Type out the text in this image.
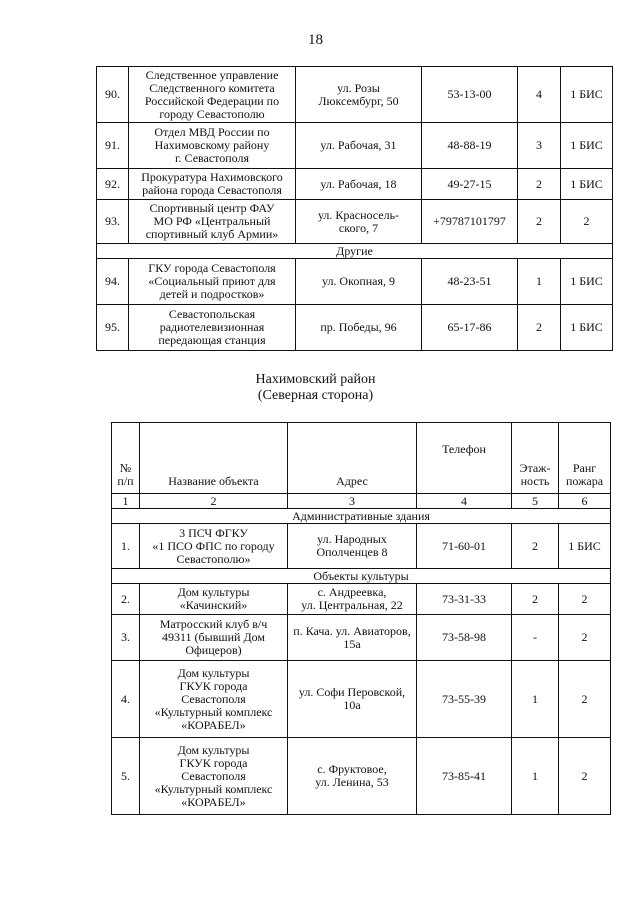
18
90.	Следственное управление
Следственного комитета
Российской Федерации по
городу Севастополю	ул. Розы
Люксембург, 50	53-13-00	4	1 БИС
91.	Отдел МВД России по
Нахимовскому району
г. Севастополя	ул. Рабочая, 31	48-88-19	3	1 БИС
92.	Прокуратура Нахимовского
района города Севастополя	ул. Рабочая, 18	49-27-15	2	1 БИС
93.	Спортивный центр ФАУ
МО РФ «Центральный
спортивный клуб Армии»	ул. Красносель-
ского, 7	+79787101797	2	2
Другие					
94.	ГКУ города Севастополя
«Социальный приют для
детей и подростков»	ул. Окопная, 9	48-23-51	1	1 БИС
95.	Севастопольская
радиотелевизионная
передающая станция	пр. Победы, 96	65-17-86	2	1 БИС
Нахимовский район
(Северная сторона)
№
п/п	Название объекта	Адрес	Телефон	Этаж-
ность	Ранг
пожара

1	2	3	4	5	6
Административные здания					
1.	3 ПСЧ ФГКУ
«1 ПСО ФПС по городу
Севастополю»	ул. Народных
Ополченцев 8	71-60-01	2	1 БИС
Объекты культуры					
2.	Дом культуры
«Качинский»	с. Андреевка,
ул. Центральная, 22	73-31-33	2	2
3.	Матросский клуб в/ч
49311 (бывший Дом
Офицеров)	п. Кача. ул. Авиаторов,
15а	73-58-98	-	2
4.	Дом культуры
ГКУК города
Севастополя
«Культурный комплекс
«КОРАБЕЛ»	ул. Софи Перовской,
10а	73-55-39	1	2
5.	Дом культуры
ГКУК города
Севастополя
«Культурный комплекс
«КОРАБЕЛ»	с. Фруктовое,
ул. Ленина, 53	73-85-41	1	2
